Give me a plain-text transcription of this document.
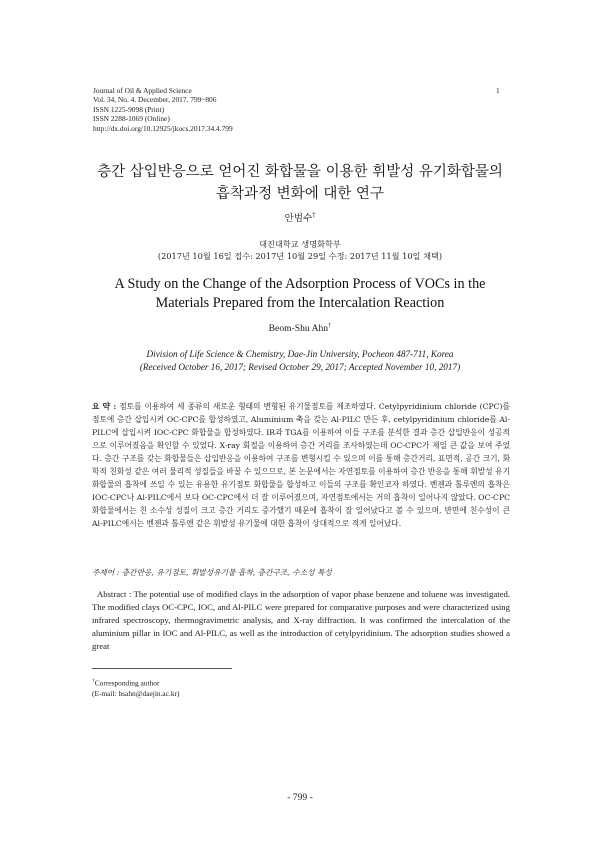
Journal of Oil & Applied Science
Vol. 34, No. 4. December, 2017. 799~806
ISSN 1225-9098 (Print)
ISSN 2288-1069 (Online)
http://dx.doi.org/10.12925/jkocs.2017.34.4.799
1
층간 삽입반응으로 얻어진 화합물을 이용한 휘발성 유기화합물의
흡착과정 변화에 대한 연구
안범수†
대진대학교 생명화학부
(2017년 10월 16일 접수: 2017년 10월 29일 수정: 2017년 11월 10일 채택)
A Study on the Change of the Adsorption Process of VOCs in the
Materials Prepared from the Intercalation Reaction
Beom-Shu Ahn†
Division of Life Science & Chemistry, Dae-Jin University, Pocheon 487-711, Korea
(Received October 16, 2017; Revised October 29, 2017; Accepted November 10, 2017)
요 약 : 점토를 이용하여 세 종류의 새로운 형태의 변형된 유기물점토를 제조하였다. Cetylpyridinium chloride (CPC)를 점토에 층간 삽입시켜 OC-CPC를 합성하였고, Aluminium 축을 갖는 Al-PILC 만든 후, cetylpyridinium chloride를 Al-PILC에 삽입시켜 IOC-CPC 화합물을 합성하였다. IR과 TGA를 이용하여 이들 구조를 분석한 결과 층간 삽입반응이 성공적으로 이루어졌음을 확인할 수 있었다. X-ray 회절을 이용하여 층간 거리를 조사하였는데 OC-CPC가 제일 큰 값을 보여 주었다. 층간 구조를 갖는 화합물들은 삽입반응을 이용하여 구조를 변형시킬 수 있으며 이를 통해 층간거리, 표면적, 공간 크기, 화학적 친화성 같은 여러 물리적 성질들을 바꿀 수 있으므로, 본 논문에서는 자연점토를 이용하여 층간 반응을 통해 휘발성 유기화합물의 흡착에 쓰일 수 있는 유용한 유기점토 화합물을 합성하고 이들의 구조를 확인코자 하였다. 벤젠과 톨루엔의 흡착은 IOC-CPC나 Al-PILC에서 보다 OC-CPC에서 더 잘 이루어졌으며, 자연점토에서는 거의 흡착이 일어나지 않았다. OC-CPC 화합물에서는 친 소수성 성질이 크고 층간 거리도 증가했기 때문에 흡착이 잘 일어났다고 볼 수 있으며, 반면에 친수성이 큰 Al-PILC에서는 벤젠과 톨루엔 같은 휘발성 유기물에 대한 흡착이 상대적으로 적게 일어났다.
주제어 : 층간반응, 유기점토, 휘발성유기물 흡착, 층간구조, 수소성 특성
Abstract : The potential use of modified clays in the adsorption of vapor phase benzene and toluene was investigated. The modified clays OC-CPC, IOC, and Al-PILC were prepared for comparative purposes and were characterized using infrared spectroscopy, thermogravimetric analysis, and X-ray diffraction. It was confirmed the intercalation of the aluminium pillar in IOC and Al-PILC, as well as the introduction of cetylpyridinium. The adsorption studies showed a great
†Corresponding author
(E-mail: bsahn@daejin.ac.kr)
- 799 -
